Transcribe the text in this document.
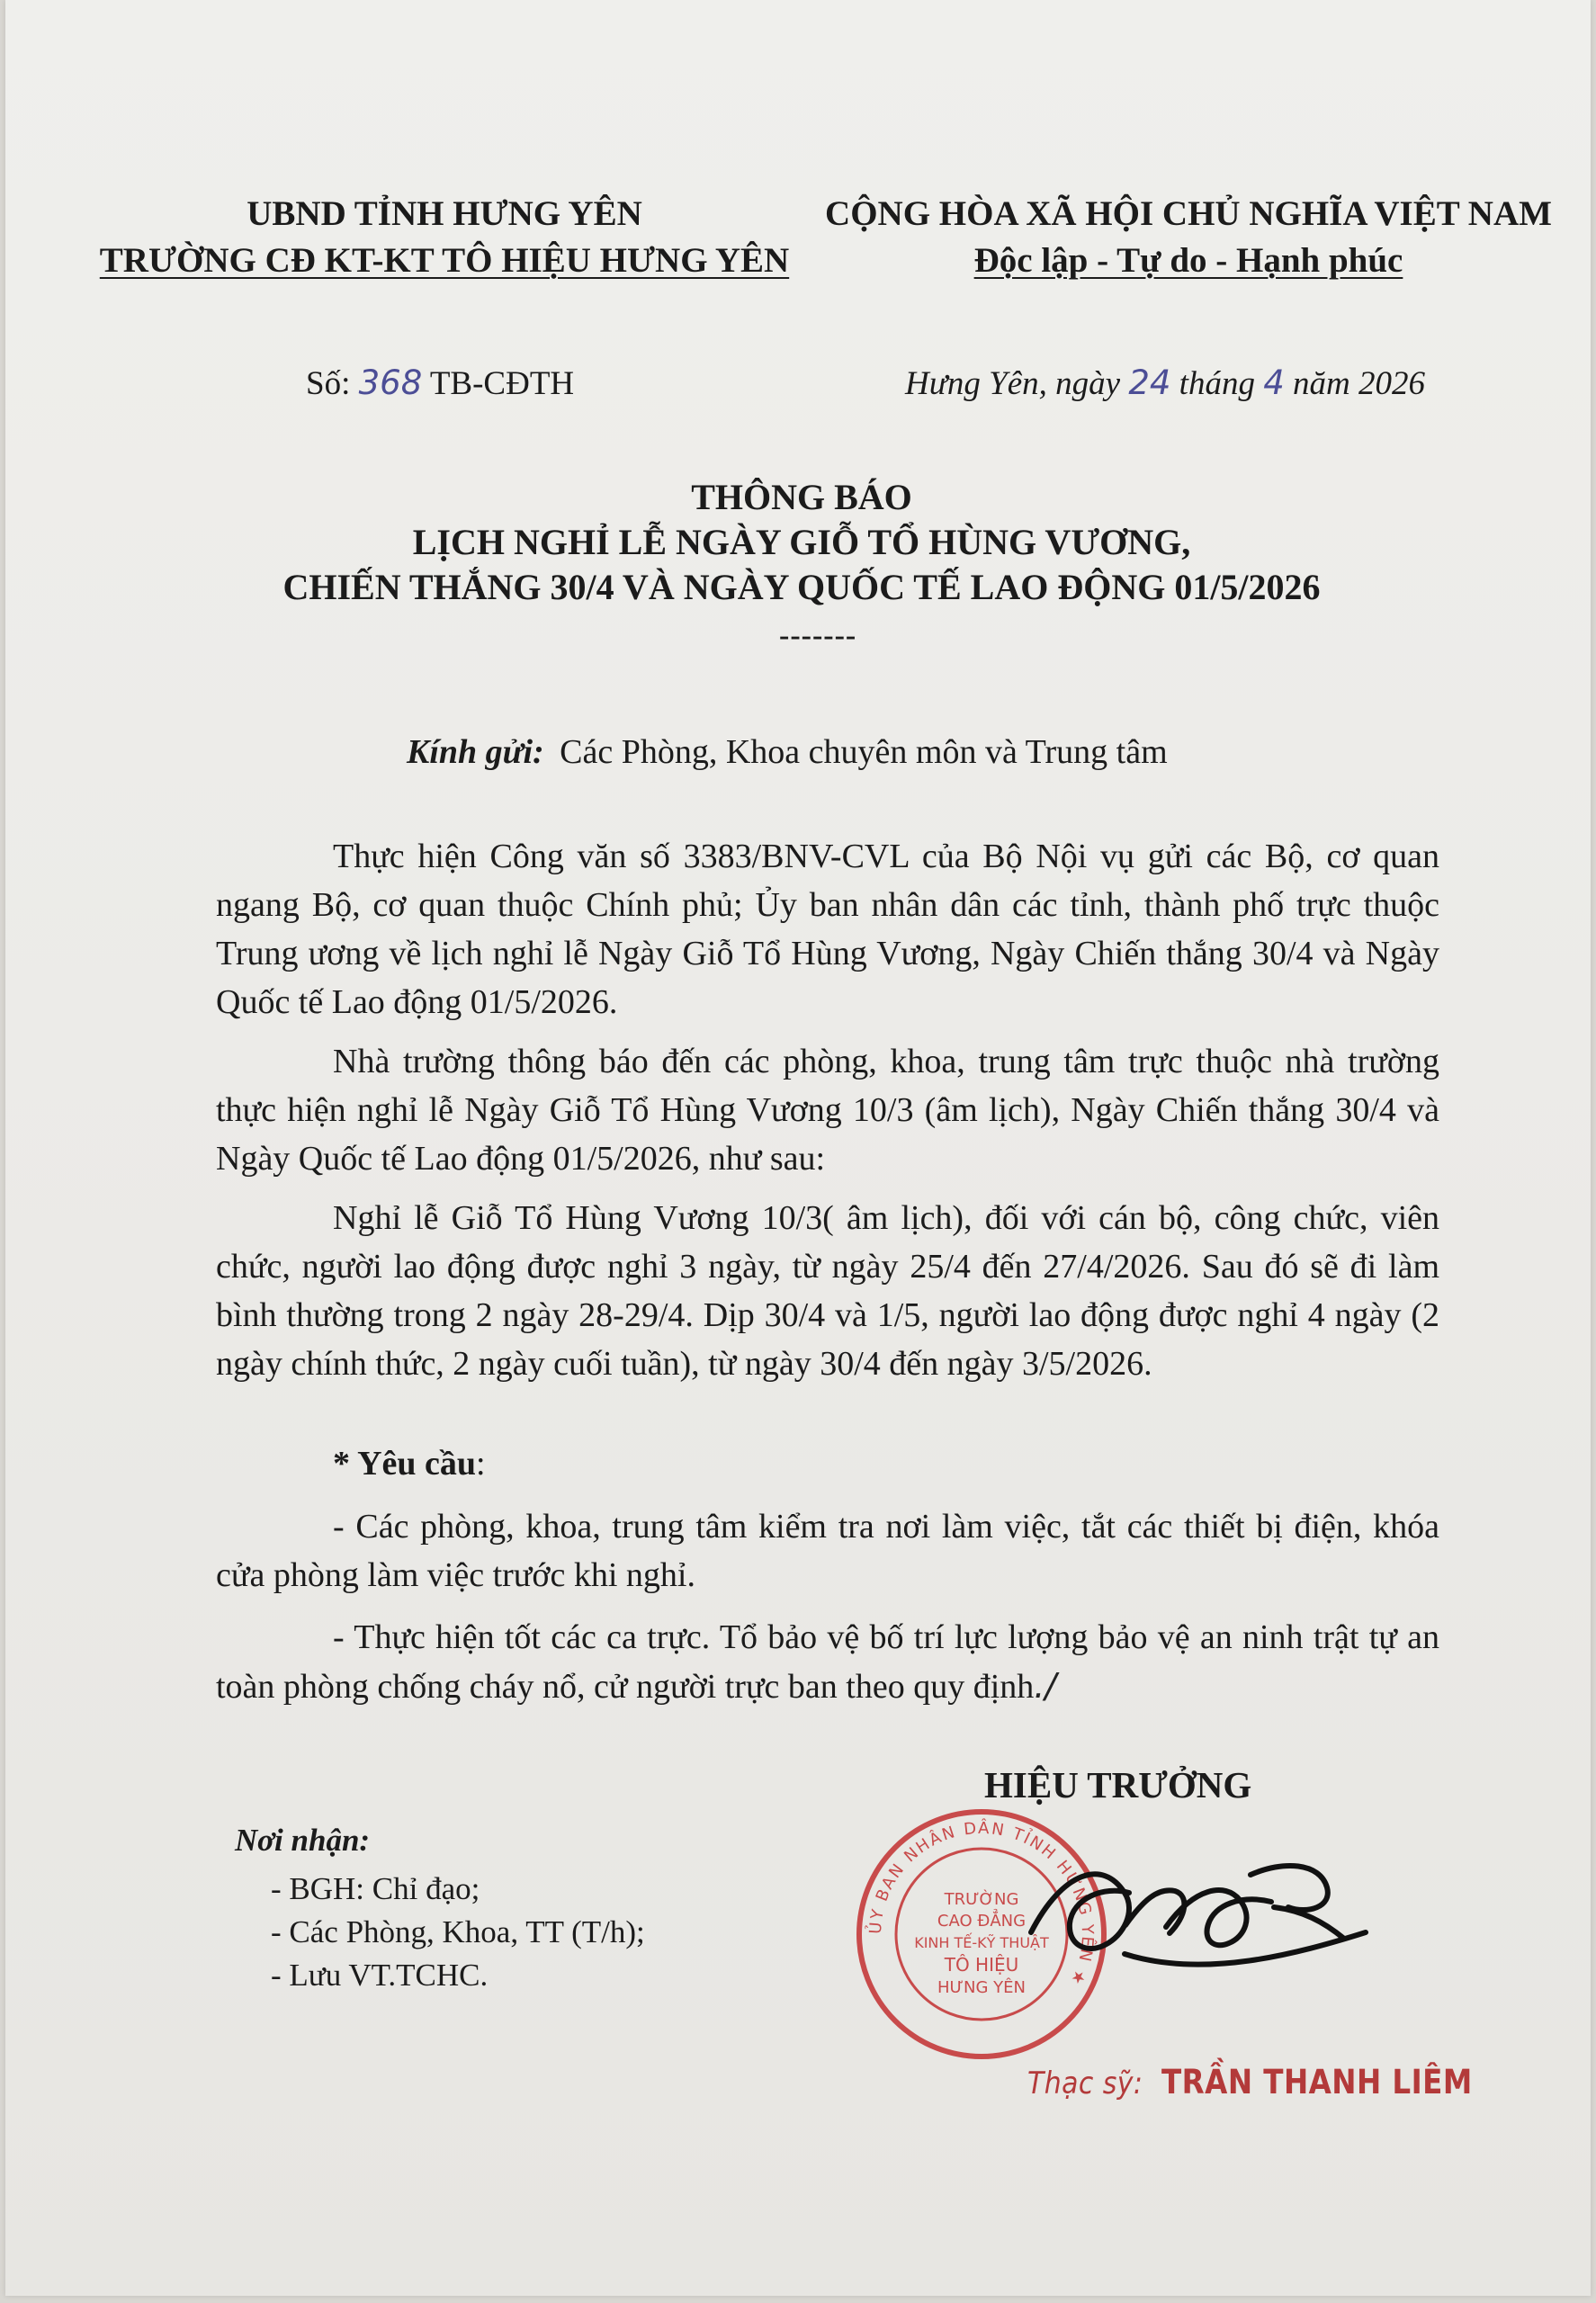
UBND TỈNH HƯNG YÊN
TRƯỜNG CĐ KT-KT TÔ HIỆU HƯNG YÊN
CỘNG HÒA XÃ HỘI CHỦ NGHĨA VIỆT NAM
Độc lập - Tự do - Hạnh phúc
Số: 368 TB-CĐTH	Hưng Yên, ngày 24 tháng 4 năm 2026
THÔNG BÁO
LỊCH NGHỈ LỄ NGÀY GIỖ TỔ HÙNG VƯƠNG,
CHIẾN THẮNG 30/4 VÀ NGÀY QUỐC TẾ LAO ĐỘNG 01/5/2026
-------
Kính gửi: Các Phòng, Khoa chuyên môn và Trung tâm
Thực hiện Công văn số 3383/BNV-CVL của Bộ Nội vụ gửi các Bộ, cơ quan ngang Bộ, cơ quan thuộc Chính phủ; Ủy ban nhân dân các tỉnh, thành phố trực thuộc Trung ương về lịch nghỉ lễ Ngày Giỗ Tổ Hùng Vương, Ngày Chiến thắng 30/4 và Ngày Quốc tế Lao động 01/5/2026.
Nhà trường thông báo đến các phòng, khoa, trung tâm trực thuộc nhà trường thực hiện nghỉ lễ Ngày Giỗ Tổ Hùng Vương 10/3 (âm lịch), Ngày Chiến thắng 30/4 và Ngày Quốc tế Lao động 01/5/2026, như sau:
Nghỉ lễ Giỗ Tổ Hùng Vương 10/3( âm lịch), đối với cán bộ, công chức, viên chức, người lao động được nghỉ 3 ngày, từ ngày 25/4 đến 27/4/2026. Sau đó sẽ đi làm bình thường trong 2 ngày 28-29/4. Dịp 30/4 và 1/5, người lao động được nghỉ 4 ngày (2 ngày chính thức, 2 ngày cuối tuần), từ ngày 30/4 đến ngày 3/5/2026.
* Yêu cầu:
- Các phòng, khoa, trung tâm kiểm tra nơi làm việc, tắt các thiết bị điện, khóa cửa phòng làm việc trước khi nghỉ.
- Thực hiện tốt các ca trực. Tổ bảo vệ bố trí lực lượng bảo vệ an ninh trật tự an toàn phòng chống cháy nổ, cử người trực ban theo quy định./
HIỆU TRƯỞNG
Nơi nhận:
- BGH: Chỉ đạo;
- Các Phòng, Khoa, TT (T/h);
- Lưu VT.TCHC.
ỦY BAN NHÂN DÂN TỈNH HƯNG YÊN ★
TRƯỜNG
CAO ĐẲNG
KINH TẾ-KỸ THUẬT
TÔ HIỆU
HƯNG YÊN
Thạc sỹ: TRẦN THANH LIÊM
